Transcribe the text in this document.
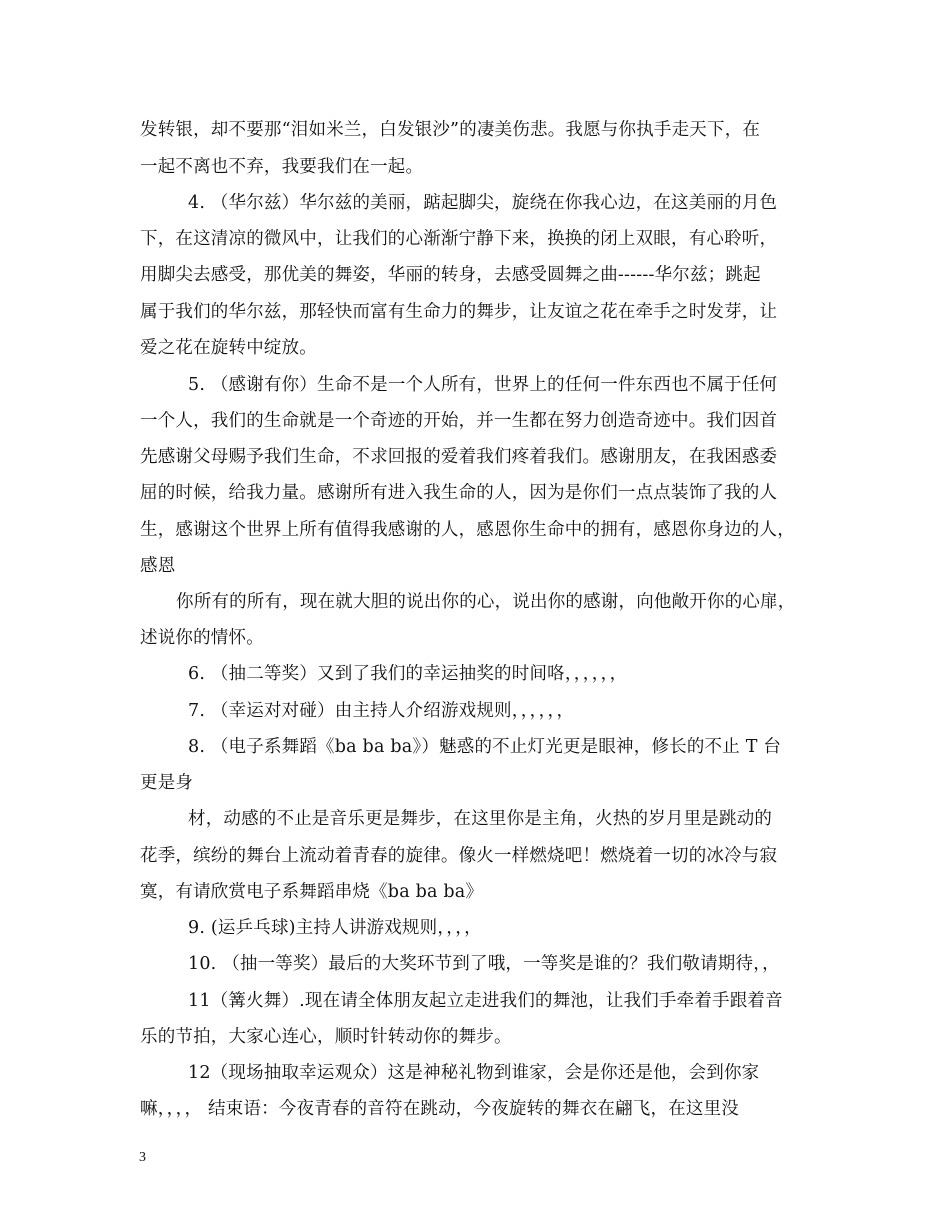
发转银，却不要那“泪如米兰，白发银沙”的凄美伤悲。我愿与你执手走天下，在
一起不离也不弃，我要我们在一起。
4. （华尔兹）华尔兹的美丽，踮起脚尖，旋绕在你我心边，在这美丽的月色
下，在这清凉的微风中，让我们的心渐渐宁静下来，换换的闭上双眼，有心聆听，
用脚尖去感受，那优美的舞姿，华丽的转身，去感受圆舞之曲------华尔兹；跳起
属于我们的华尔兹，那轻快而富有生命力的舞步，让友谊之花在牵手之时发芽，让
爱之花在旋转中绽放。
5. （感谢有你）生命不是一个人所有，世界上的任何一件东西也不属于任何
一个人，我们的生命就是一个奇迹的开始，并一生都在努力创造奇迹中。我们因首
先感谢父母赐予我们生命，不求回报的爱着我们疼着我们。感谢朋友，在我困惑委
屈的时候，给我力量。感谢所有进入我生命的人，因为是你们一点点装饰了我的人
生，感谢这个世界上所有值得我感谢的人，感恩你生命中的拥有，感恩你身边的人，
感恩
你所有的所有，现在就大胆的说出你的心，说出你的感谢，向他敞开你的心扉，
述说你的情怀。
6. （抽二等奖）又到了我们的幸运抽奖的时间咯，，，，，，
7. （幸运对对碰）由主持人介绍游戏规则，，，，，，
8. （电子系舞蹈《ba ba ba》）魅惑的不止灯光更是眼神，修长的不止 T 台
更是身
材，动感的不止是音乐更是舞步，在这里你是主角，火热的岁月里是跳动的
花季，缤纷的舞台上流动着青春的旋律。像火一样燃烧吧！燃烧着一切的冰冷与寂
寞，有请欣赏电子系舞蹈串烧《ba ba ba》
9. (运乒乓球)主持人讲游戏规则，，，，
10. （抽一等奖）最后的大奖环节到了哦，一等奖是谁的？我们敬请期待，，
11（篝火舞）.现在请全体朋友起立走进我们的舞池，让我们手牵着手跟着音
乐的节拍，大家心连心，顺时针转动你的舞步。
12（现场抽取幸运观众）这是神秘礼物到谁家，会是你还是他，会到你家
嘛，，，， 结束语：今夜青春的音符在跳动，今夜旋转的舞衣在翩飞，在这里没
3
